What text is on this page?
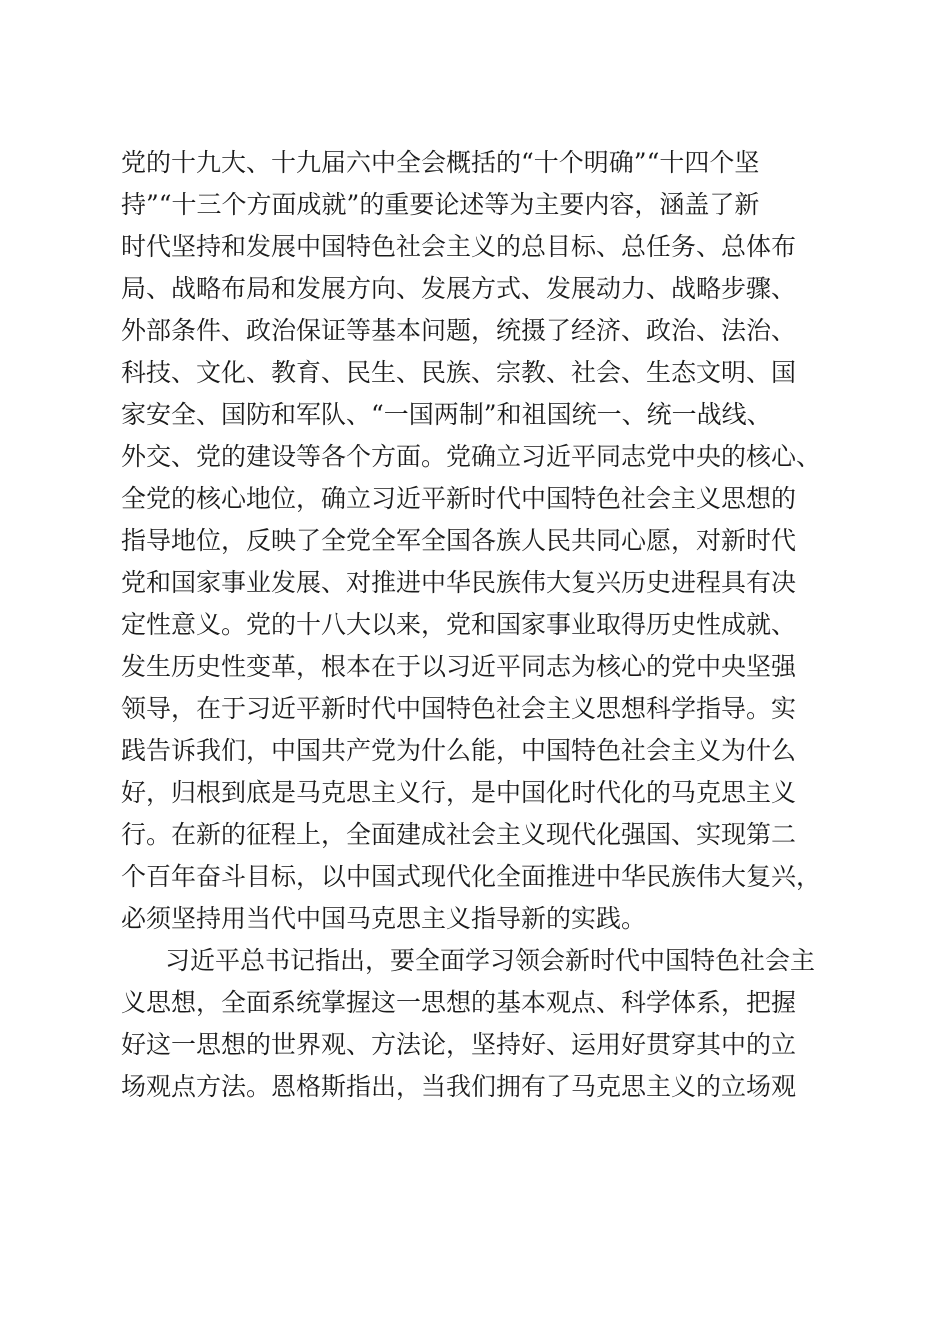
党的十九大、十九届六中全会概括的“十个明确”“十四个坚
持”“十三个方面成就”的重要论述等为主要内容，涵盖了新
时代坚持和发展中国特色社会主义的总目标、总任务、总体布
局、战略布局和发展方向、发展方式、发展动力、战略步骤、
外部条件、政治保证等基本问题，统摄了经济、政治、法治、
科技、文化、教育、民生、民族、宗教、社会、生态文明、国
家安全、国防和军队、“一国两制”和祖国统一、统一战线、
外交、党的建设等各个方面。党确立习近平同志党中央的核心、
全党的核心地位，确立习近平新时代中国特色社会主义思想的
指导地位，反映了全党全军全国各族人民共同心愿，对新时代
党和国家事业发展、对推进中华民族伟大复兴历史进程具有决
定性意义。党的十八大以来，党和国家事业取得历史性成就、
发生历史性变革，根本在于以习近平同志为核心的党中央坚强
领导，在于习近平新时代中国特色社会主义思想科学指导。实
践告诉我们，中国共产党为什么能，中国特色社会主义为什么
好，归根到底是马克思主义行，是中国化时代化的马克思主义
行。在新的征程上，全面建成社会主义现代化强国、实现第二
个百年奋斗目标，以中国式现代化全面推进中华民族伟大复兴，
必须坚持用当代中国马克思主义指导新的实践。
习近平总书记指出，要全面学习领会新时代中国特色社会主
义思想，全面系统掌握这一思想的基本观点、科学体系，把握
好这一思想的世界观、方法论，坚持好、运用好贯穿其中的立
场观点方法。恩格斯指出，当我们拥有了马克思主义的立场观
